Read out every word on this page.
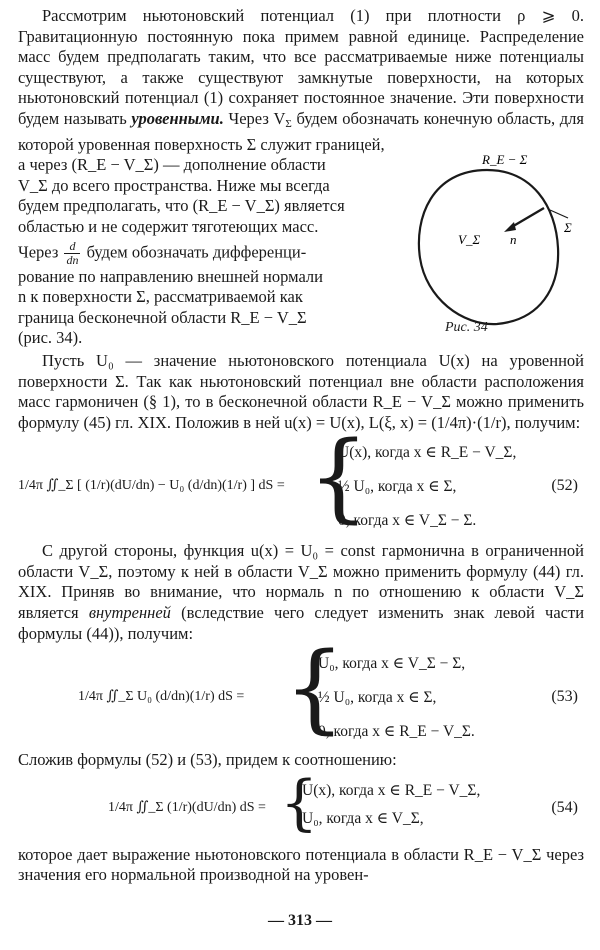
Рассмотрим ньютоновский потенциал (1) при плотности ρ ⩾ 0. Гравитационную постоянную пока примем равной единице. Распределение масс будем предполагать таким, что все рассматриваемые ниже потенциалы существуют, а также существуют замкнутые поверхности, на которых ньютоновский потенциал (1) сохраняет постоянное значение. Эти поверхности будем называть уровенными. Через $V_\Sigma$ будем обозначать конечную область, для которой уровенная поверхность Σ служит границей,

а через (R_E − V_Σ) — дополнение области

V_Σ до всего пространства. Ниже мы всегда

будем предполагать, что (R_E − V_Σ) является

областью и не содержит тяготеющих масс.

Через $\frac{d}{dn}$ будем обозначать дифференци-

рование по направлению внешней нормали

n к поверхности Σ, рассматриваемой как

граница бесконечной области R_E − V_Σ

(рис. 34).

Пусть U₀ — значение ньютоновского потенциала U(x) на уровенной поверхности Σ. Так как ньютоновский потенциал вне области расположения масс гармоничен (§ 1), то в бесконечной области R_E − V_Σ можно применить формулу (45) гл. XIX. Положив в ней u(x) = U(x), L(ξ, x) = (1/4π)·(1/r), получим:

1/4π ∬_Σ [ (1/r)(dU/dn) − U₀ (d/dn)(1/r) ] dS = {
U(x), когда x ∈ R_E − V_Σ,
½ U₀, когда x ∈ Σ,
0, когда x ∈ V_Σ − Σ.
(52)

С другой стороны, функция u(x) = U₀ = const гармонична в ограниченной области V_Σ, поэтому к ней в области V_Σ можно применить формулу (44) гл. XIX. Приняв во внимание, что нормаль n по отношению к области V_Σ является внутренней (вследствие чего следует изменить знак левой части формулы (44)), получим:

1/4π ∬_Σ U₀ (d/dn)(1/r) dS = {
U₀, когда x ∈ V_Σ − Σ,
½ U₀, когда x ∈ Σ,
0, когда x ∈ R_E − V_Σ.
(53)

Сложив формулы (52) и (53), придем к соотношению:

1/4π ∬_Σ (1/r)(dU/dn) dS = {
U(x), когда x ∈ R_E − V_Σ,
U₀, когда x ∈ V_Σ,
(54)

которое дает выражение ньютоновского потенциала в области R_E − V_Σ через значения его нормальной производной на уровен-

R_E − Σ
V_Σ n
Σ
Рис. 34
— 313 —
